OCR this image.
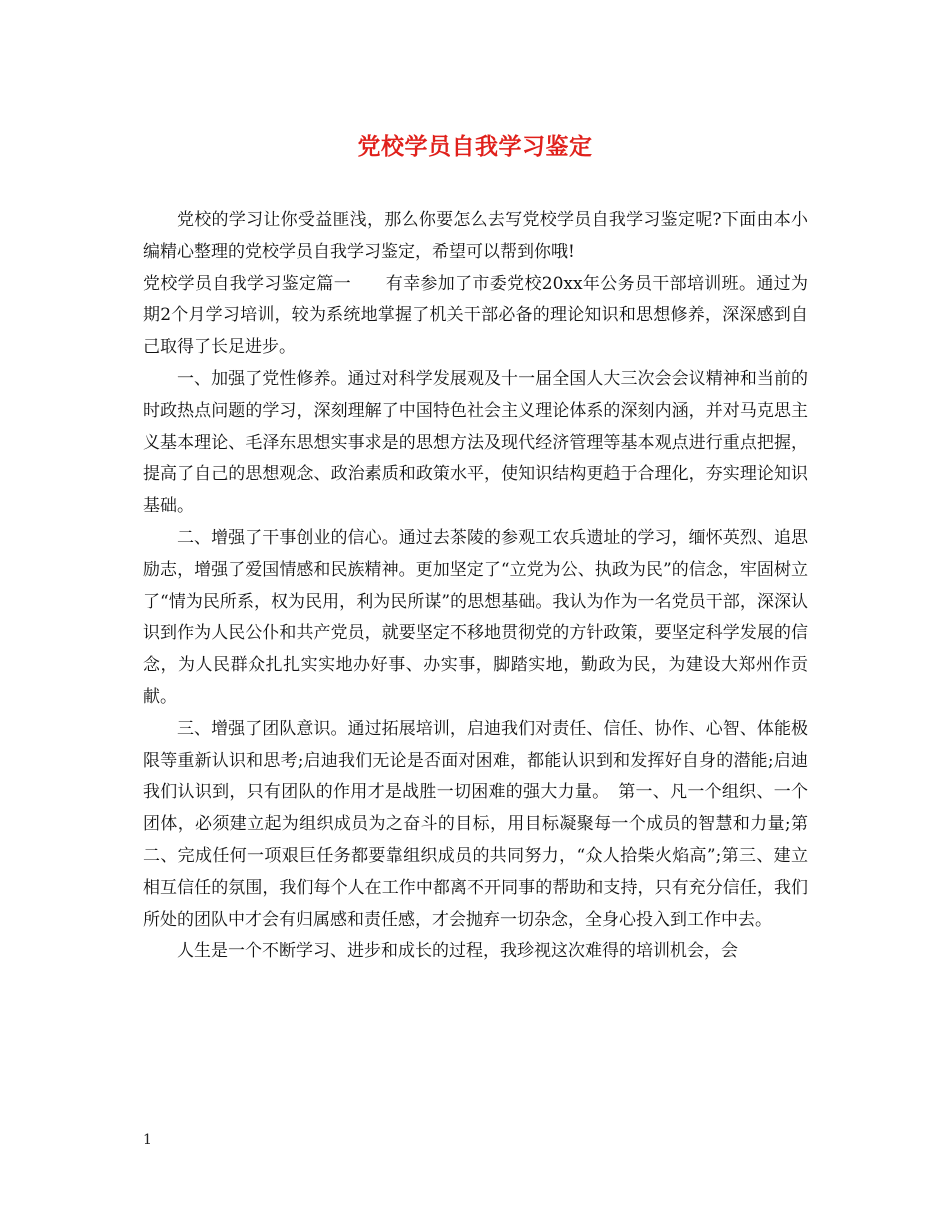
党校学员自我学习鉴定

党校的学习让你受益匪浅，那么你要怎么去写党校学员自我学习鉴定呢?下面由本小编精心整理的党校学员自我学习鉴定，希望可以帮到你哦!

党校学员自我学习鉴定篇一　　有幸参加了市委党校20xx年公务员干部培训班。通过为期2个月学习培训，较为系统地掌握了机关干部必备的理论知识和思想修养，深深感到自己取得了长足进步。

一、加强了党性修养。通过对科学发展观及十一届全国人大三次会会议精神和当前的时政热点问题的学习，深刻理解了中国特色社会主义理论体系的深刻内涵，并对马克思主义基本理论、毛泽东思想实事求是的思想方法及现代经济管理等基本观点进行重点把握，提高了自己的思想观念、政治素质和政策水平，使知识结构更趋于合理化，夯实理论知识基础。

二、增强了干事创业的信心。通过去茶陵的参观工农兵遗址的学习，缅怀英烈、追思励志，增强了爱国情感和民族精神。更加坚定了“立党为公、执政为民”的信念，牢固树立了“情为民所系，权为民用，利为民所谋”的思想基础。我认为作为一名党员干部，深深认识到作为人民公仆和共产党员，就要坚定不移地贯彻党的方针政策，要坚定科学发展的信念，为人民群众扎扎实实地办好事、办实事，脚踏实地，勤政为民，为建设大郑州作贡献。

三、增强了团队意识。通过拓展培训，启迪我们对责任、信任、协作、心智、体能极限等重新认识和思考;启迪我们无论是否面对困难，都能认识到和发挥好自身的潜能;启迪我们认识到，只有团队的作用才是战胜一切困难的强大力量。　第一、凡一个组织、一个团体，必须建立起为组织成员为之奋斗的目标，用目标凝聚每一个成员的智慧和力量;第二、完成任何一项艰巨任务都要靠组织成员的共同努力，“众人拾柴火焰高”;第三、建立相互信任的氛围，我们每个人在工作中都离不开同事的帮助和支持，只有充分信任，我们所处的团队中才会有归属感和责任感，才会抛弃一切杂念，全身心投入到工作中去。

人生是一个不断学习、进步和成长的过程，我珍视这次难得的培训机会，会

1
